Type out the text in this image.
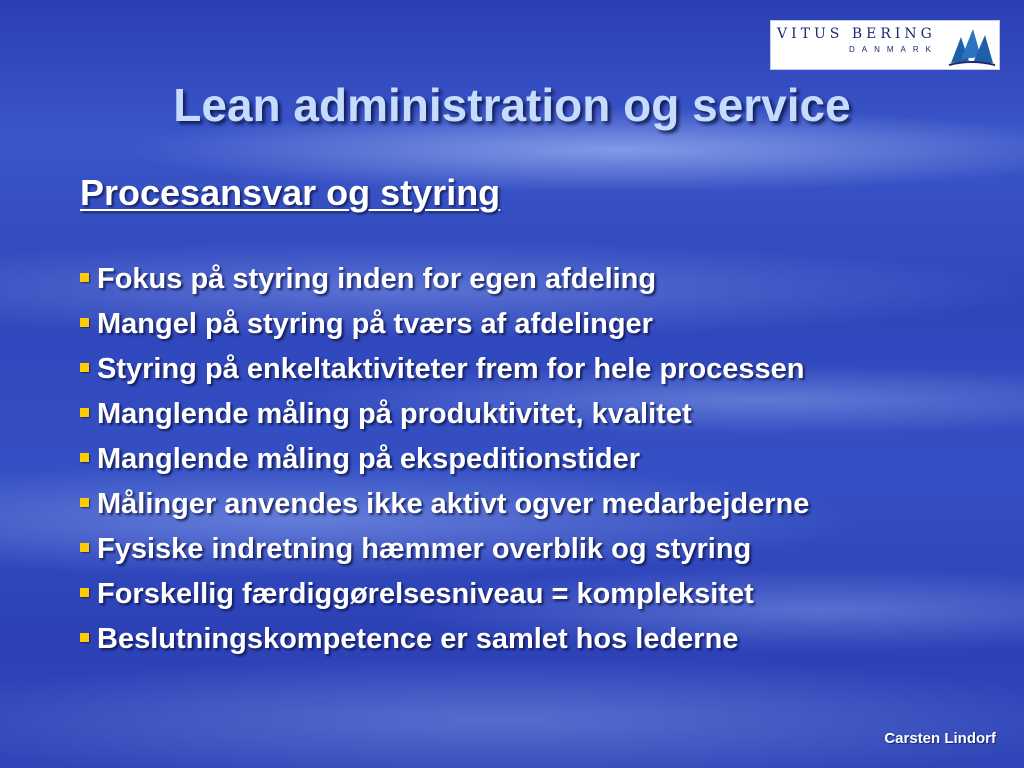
VITUS BERING
DANMARK
Lean administration og service
Procesansvar og styring
Fokus på styring inden for egen afdeling
Mangel på styring på tværs af afdelinger
Styring på enkeltaktiviteter frem for hele processen
Manglende måling på produktivitet, kvalitet
Manglende måling på ekspeditionstider
Målinger anvendes ikke aktivt ogver medarbejderne
Fysiske indretning hæmmer overblik og styring
Forskellig færdiggørelsesniveau = kompleksitet
Beslutningskompetence er samlet hos lederne
Carsten Lindorf
